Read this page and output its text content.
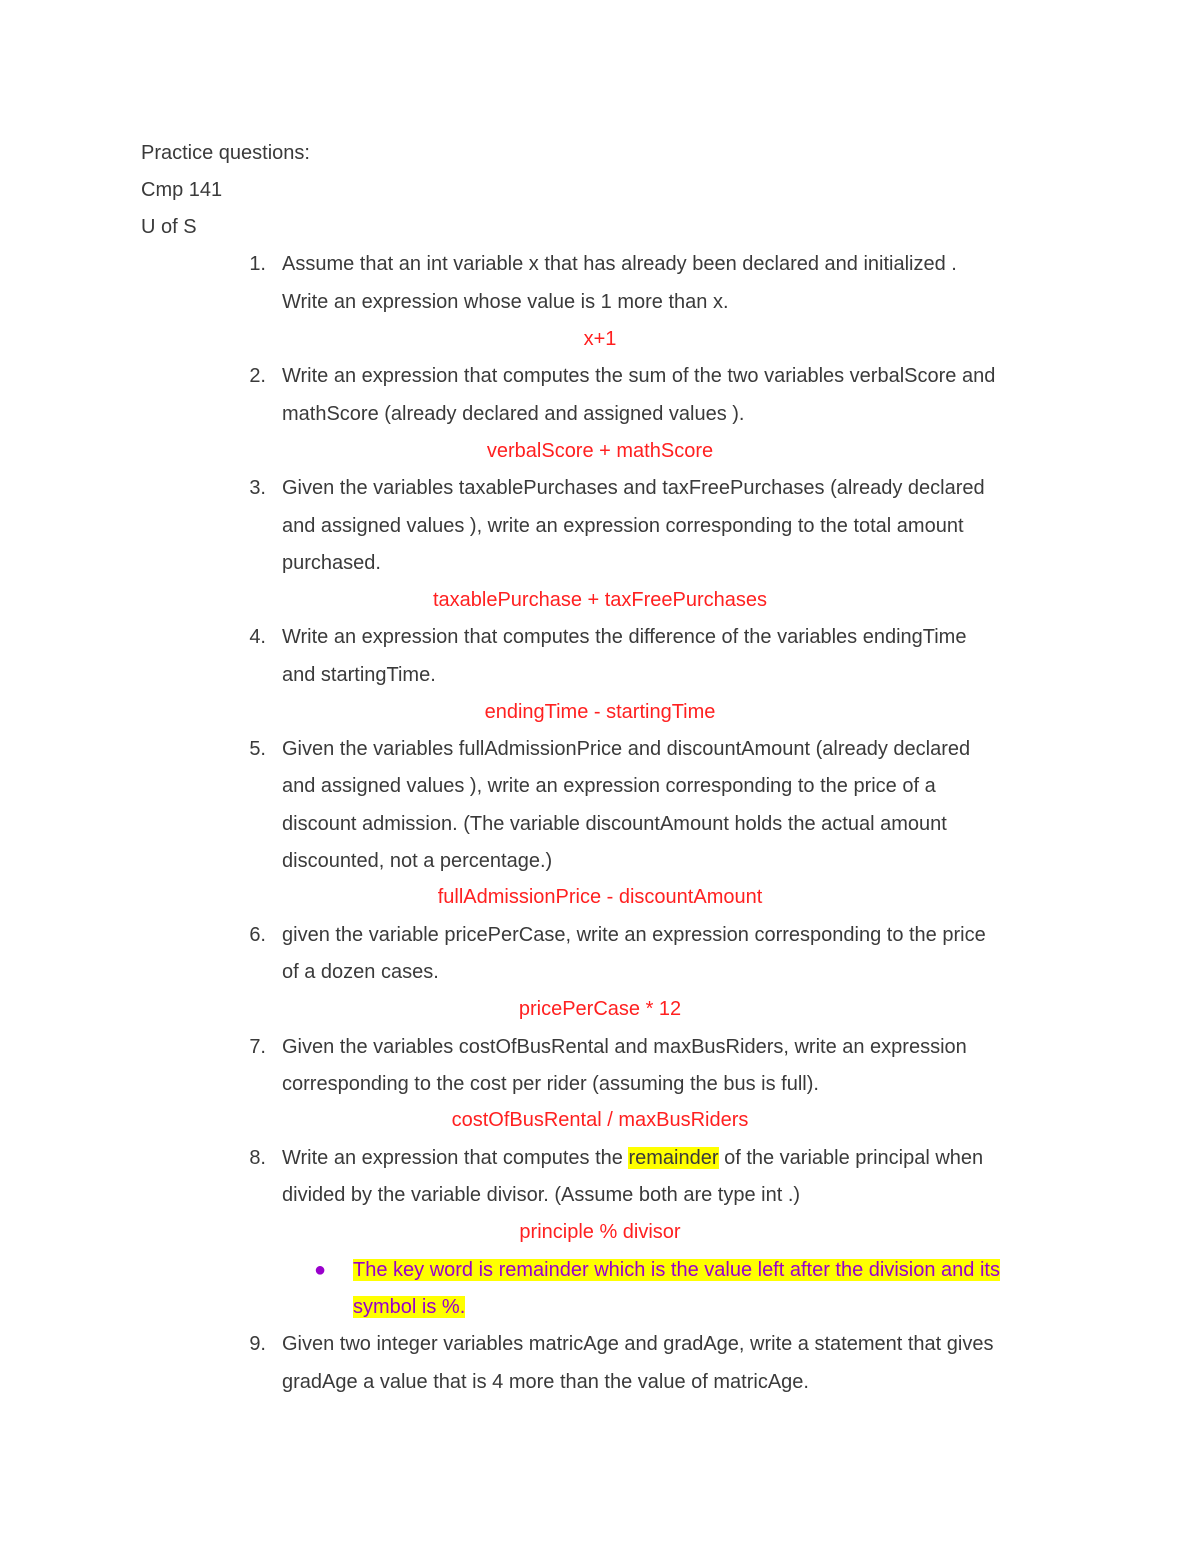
Practice questions:
Cmp 141
U of S
1. Assume that an int variable x that has already been declared and initialized .
Write an expression whose value is 1 more than x.
x+1
2. Write an expression that computes the sum of the two variables verbalScore and
mathScore (already declared and assigned values ).
verbalScore + mathScore
3. Given the variables taxablePurchases and taxFreePurchases (already declared
and assigned values ), write an expression corresponding to the total amount
purchased.
taxablePurchase + taxFreePurchases
4. Write an expression that computes the difference of the variables endingTime
and startingTime.
endingTime - startingTime
5. Given the variables fullAdmissionPrice and discountAmount (already declared
and assigned values ), write an expression corresponding to the price of a
discount admission. (The variable discountAmount holds the actual amount
discounted, not a percentage.)
fullAdmissionPrice - discountAmount
6. given the variable pricePerCase, write an expression corresponding to the price
of a dozen cases.
pricePerCase * 12
7. Given the variables costOfBusRental and maxBusRiders, write an expression
corresponding to the cost per rider (assuming the bus is full).
costOfBusRental / maxBusRiders
8. Write an expression that computes the remainder of the variable principal when
divided by the variable divisor. (Assume both are type int .)
principle % divisor
●	The key word is remainder which is the value left after the division and its
symbol is %.
9. Given two integer variables matricAge and gradAge, write a statement that gives
gradAge a value that is 4 more than the value of matricAge.
